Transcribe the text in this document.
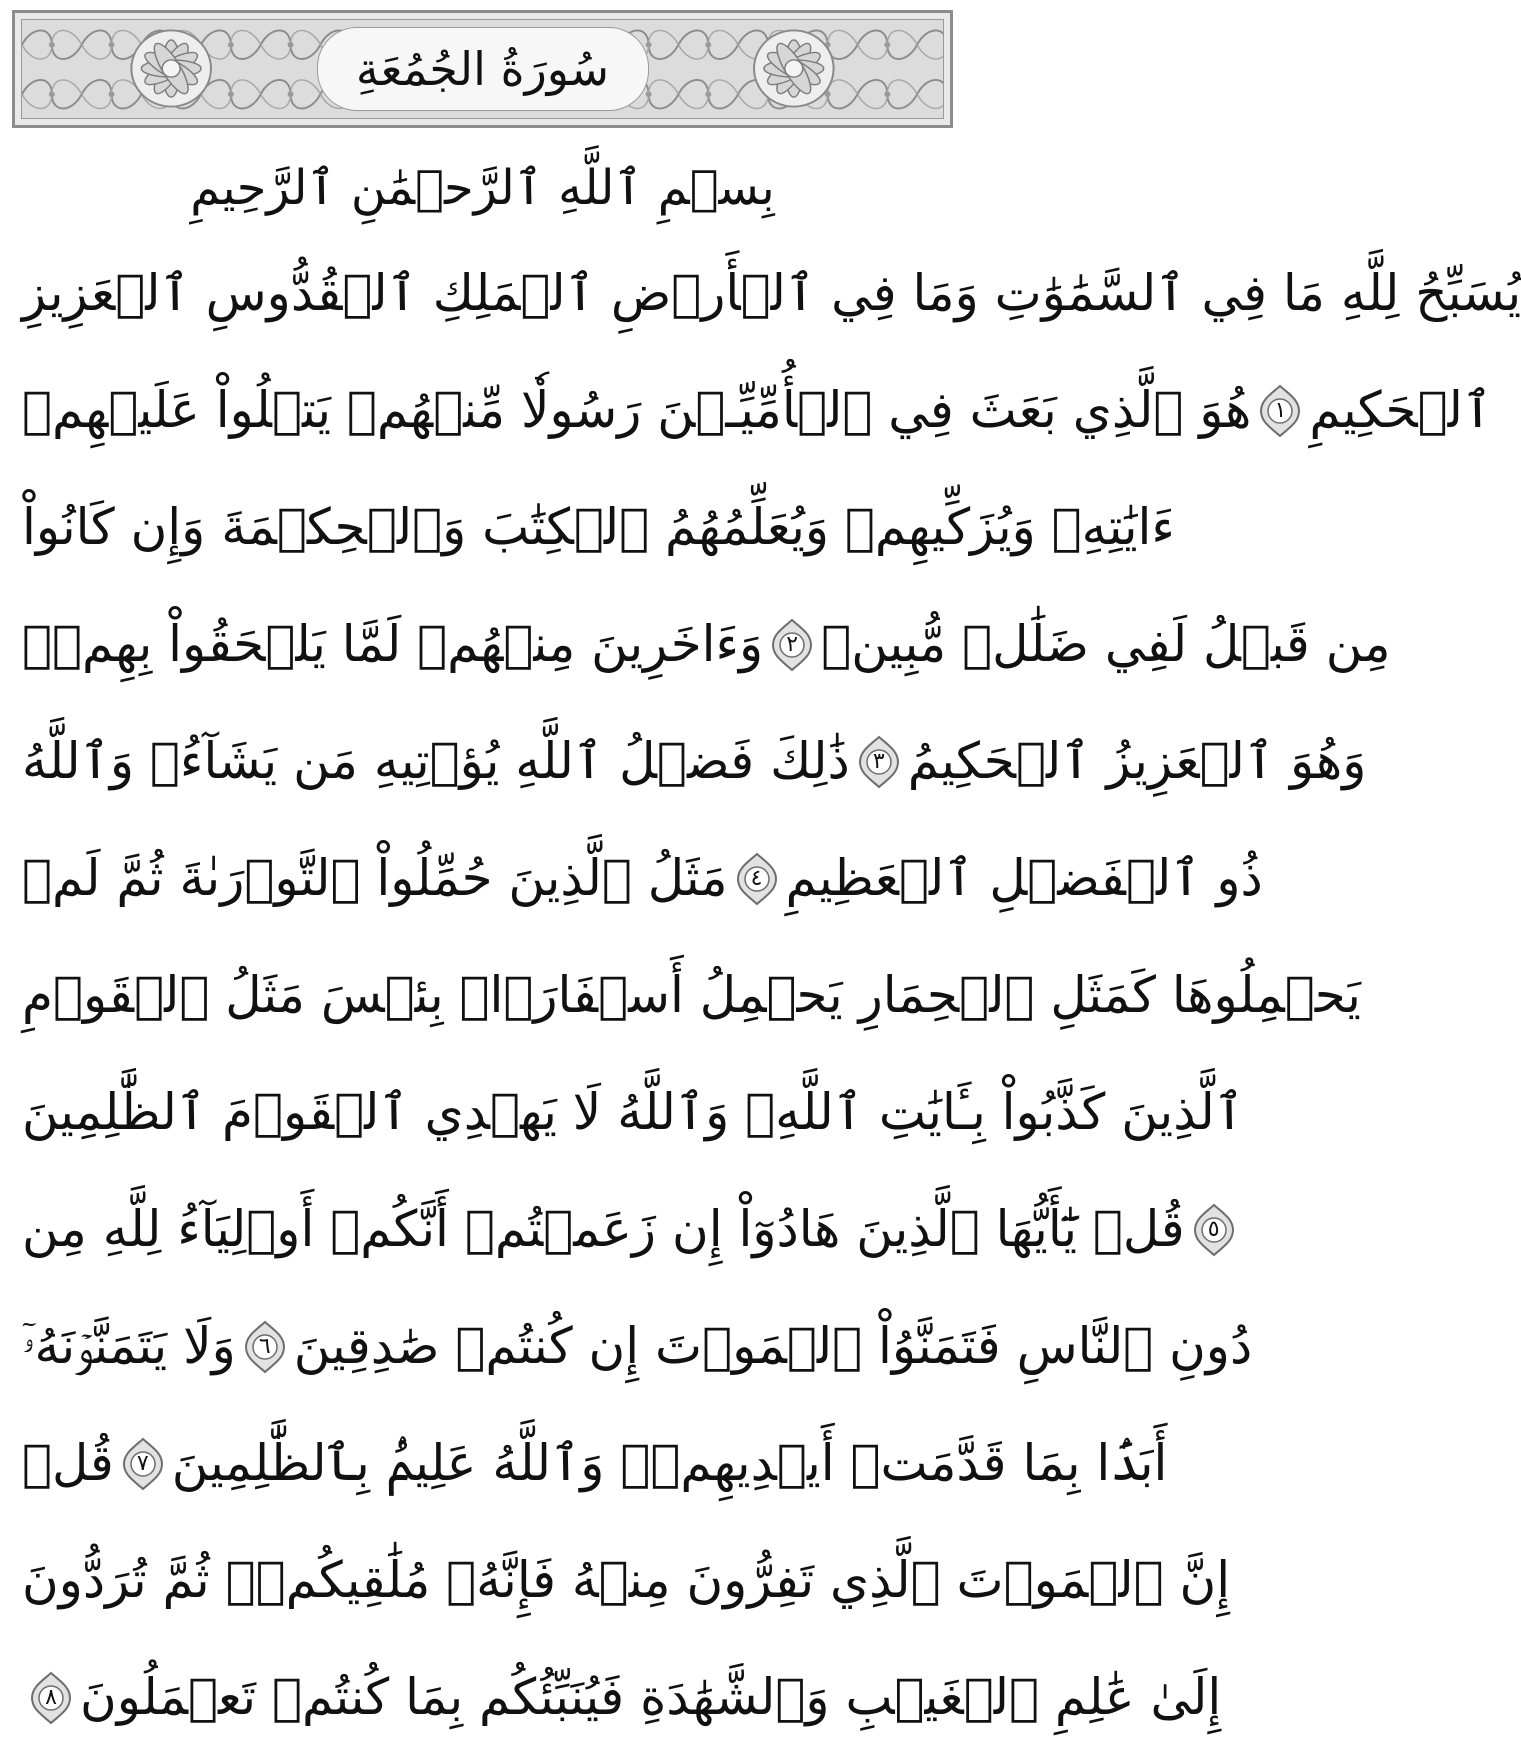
سُورَةُ الجُمُعَةِ
بِسۡمِ ٱللَّهِ ٱلرَّحۡمَٰنِ ٱلرَّحِيمِ
يُسَبِّحُ لِلَّهِ مَا فِي ٱلسَّمَٰوَٰتِ وَمَا فِي ٱلۡأَرۡضِ ٱلۡمَلِكِ ٱلۡقُدُّوسِ ٱلۡعَزِيزِ
هُوَ ٱلَّذِي بَعَثَ فِي ٱلۡأُمِّيِّـۧنَ رَسُولٗا مِّنۡهُمۡ يَتۡلُواْ عَلَيۡهِمۡ ١ ٱلۡحَكِيمِ
ءَايَٰتِهِۦ وَيُزَكِّيهِمۡ وَيُعَلِّمُهُمُ ٱلۡكِتَٰبَ وَٱلۡحِكۡمَةَ وَإِن كَانُواْ
وَءَاخَرِينَ مِنۡهُمۡ لَمَّا يَلۡحَقُواْ بِهِمۡۚ ٢ مِن قَبۡلُ لَفِي ضَلَٰلٖ مُّبِينٖ
ذَٰلِكَ فَضۡلُ ٱللَّهِ يُؤۡتِيهِ مَن يَشَآءُۚ وَٱللَّهُ ٣ وَهُوَ ٱلۡعَزِيزُ ٱلۡحَكِيمُ
مَثَلُ ٱلَّذِينَ حُمِّلُواْ ٱلتَّوۡرَىٰةَ ثُمَّ لَمۡ ٤ ذُو ٱلۡفَضۡلِ ٱلۡعَظِيمِ
يَحۡمِلُوهَا كَمَثَلِ ٱلۡحِمَارِ يَحۡمِلُ أَسۡفَارَۢاۚ بِئۡسَ مَثَلُ ٱلۡقَوۡمِ
ٱلَّذِينَ كَذَّبُواْ بِـَٔايَٰتِ ٱللَّهِۚ وَٱللَّهُ لَا يَهۡدِي ٱلۡقَوۡمَ ٱلظَّٰلِمِينَ
قُلۡ يَٰٓأَيُّهَا ٱلَّذِينَ هَادُوٓاْ إِن زَعَمۡتُمۡ أَنَّكُمۡ أَوۡلِيَآءُ لِلَّهِ مِن ٥
وَلَا يَتَمَنَّوۡنَهُۥٓ ٦ دُونِ ٱلنَّاسِ فَتَمَنَّوُاْ ٱلۡمَوۡتَ إِن كُنتُمۡ صَٰدِقِينَ
قُلۡ ٧ أَبَدَۢا بِمَا قَدَّمَتۡ أَيۡدِيهِمۡۚ وَٱللَّهُ عَلِيمُۢ بِٱلظَّٰلِمِينَ
إِنَّ ٱلۡمَوۡتَ ٱلَّذِي تَفِرُّونَ مِنۡهُ فَإِنَّهُۥ مُلَٰقِيكُمۡۖ ثُمَّ تُرَدُّونَ
٨ إِلَىٰ عَٰلِمِ ٱلۡغَيۡبِ وَٱلشَّهَٰدَةِ فَيُنَبِّئُكُم بِمَا كُنتُمۡ تَعۡمَلُونَ
